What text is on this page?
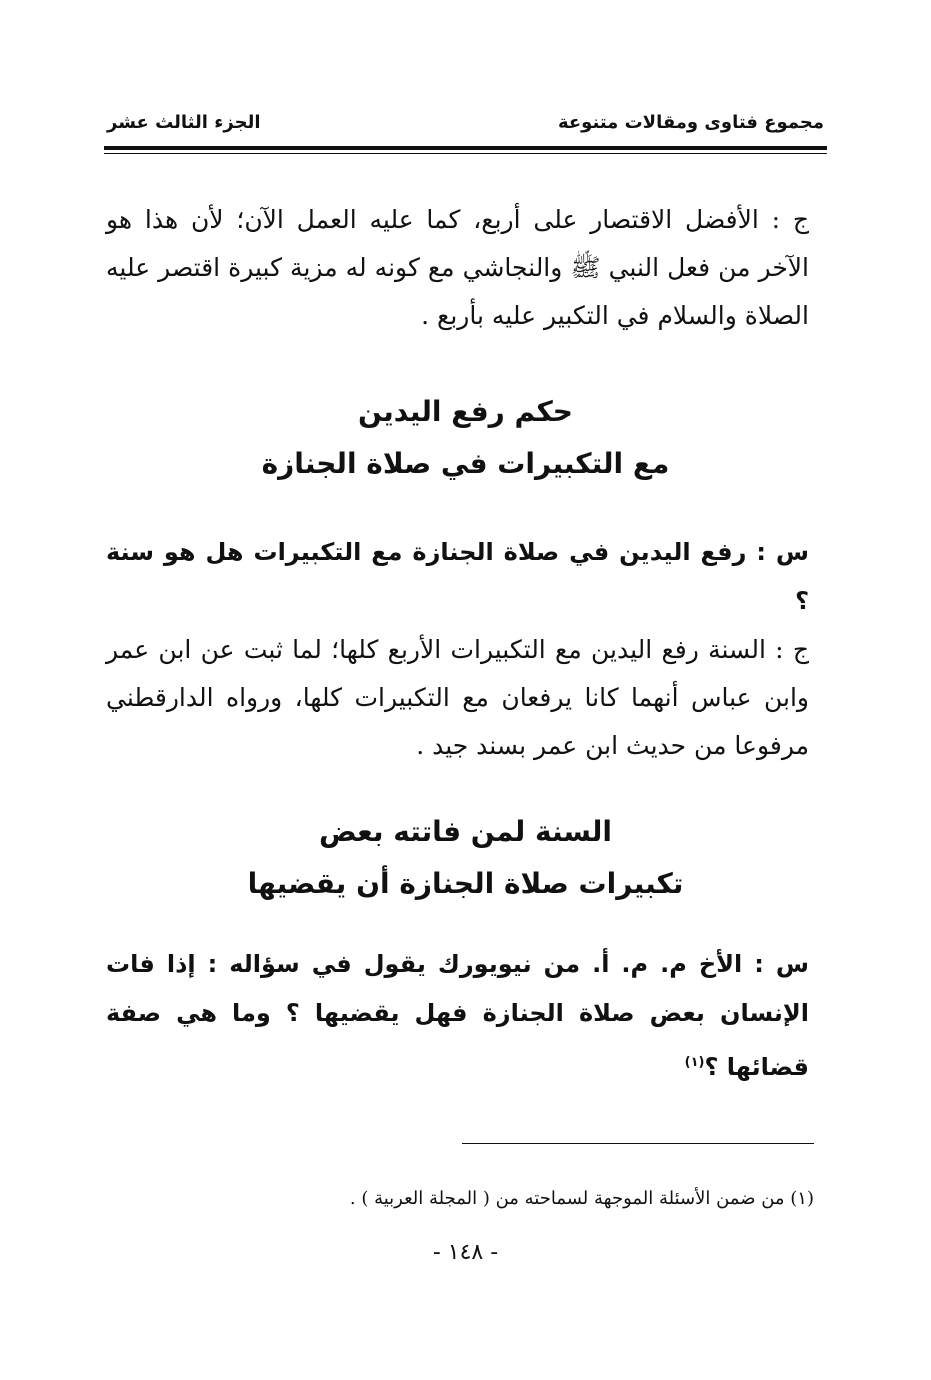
مجموع فتاوى ومقالات متنوعة
الجزء الثالث عشر
ج : الأفضل الاقتصار على أربع، كما عليه العمل الآن؛ لأن هذا هو الآخر من فعل النبي ﷺ والنجاشي مع كونه له مزية كبيرة اقتصر عليه الصلاة والسلام في التكبير عليه بأربع .
حكم رفع اليدين
مع التكبيرات في صلاة الجنازة
س : رفع اليدين في صلاة الجنازة مع التكبيرات هل هو سنة ؟
ج : السنة رفع اليدين مع التكبيرات الأربع كلها؛ لما ثبت عن ابن عمر وابن عباس أنهما كانا يرفعان مع التكبيرات كلها، ورواه الدارقطني مرفوعا من حديث ابن عمر بسند جيد .
السنة لمن فاتته بعض
تكبيرات صلاة الجنازة أن يقضيها
س : الأخ م. م. أ. من نيويورك يقول في سؤاله : إذا فات الإنسان بعض صلاة الجنازة فهل يقضيها ؟ وما هي صفة قضائها ؟$^{(١)}$
(١) من ضمن الأسئلة الموجهة لسماحته من ( المجلة العربية ) .
- ١٤٨ -
